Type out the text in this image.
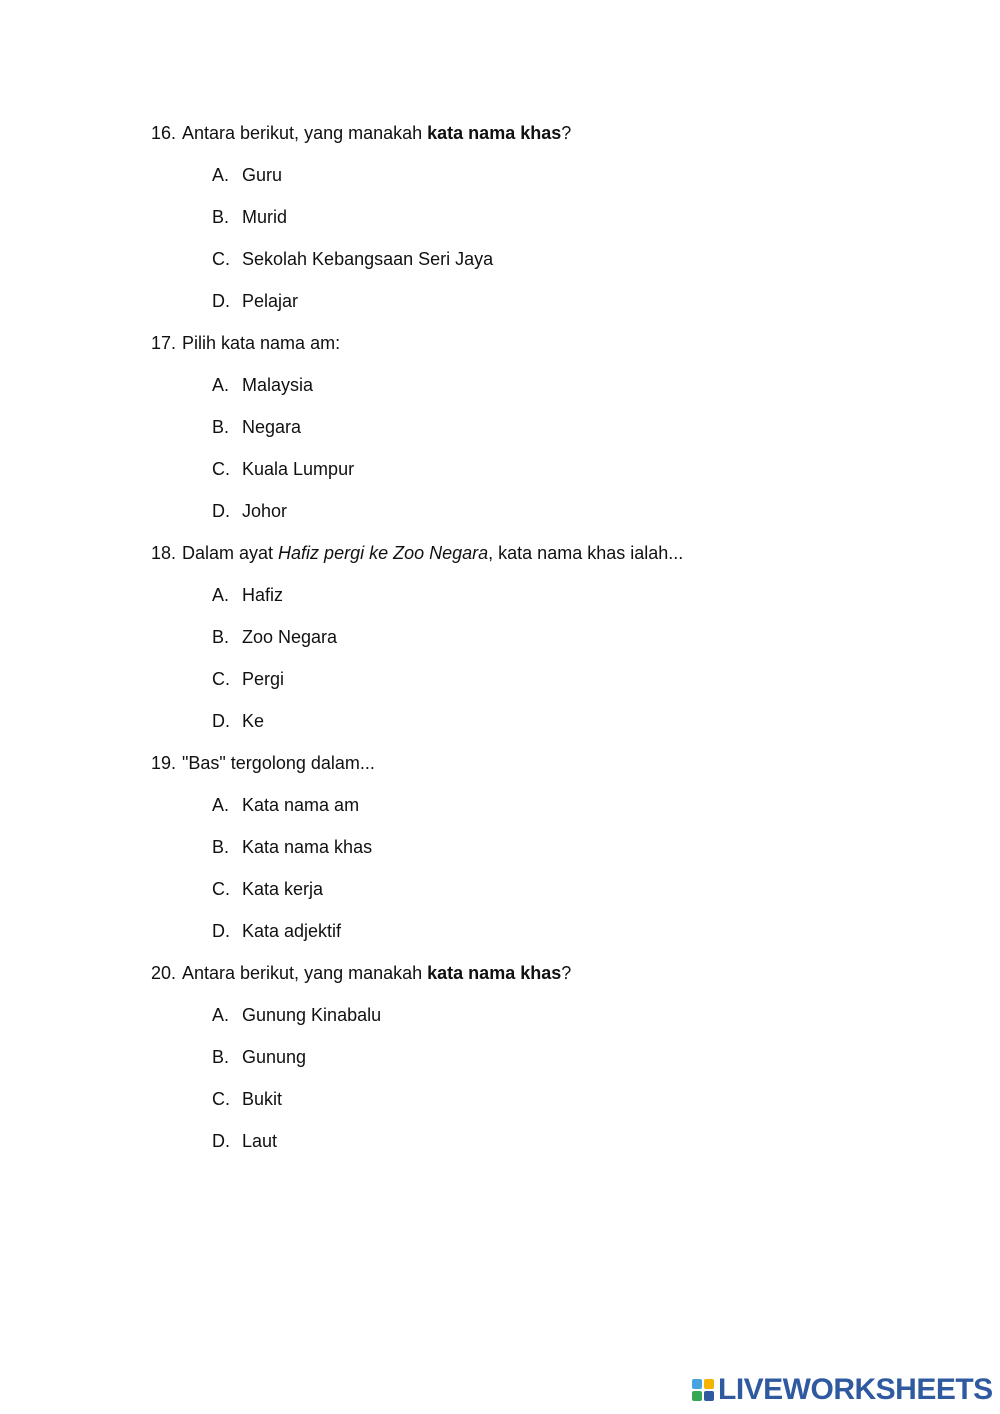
16. Antara berikut, yang manakah kata nama khas?
A. Guru
B. Murid
C. Sekolah Kebangsaan Seri Jaya
D. Pelajar
17. Pilih kata nama am:
A. Malaysia
B. Negara
C. Kuala Lumpur
D. Johor
18. Dalam ayat Hafiz pergi ke Zoo Negara, kata nama khas ialah...
A. Hafiz
B. Zoo Negara
C. Pergi
D. Ke
19. "Bas" tergolong dalam...
A. Kata nama am
B. Kata nama khas
C. Kata kerja
D. Kata adjektif
20. Antara berikut, yang manakah kata nama khas?
A. Gunung Kinabalu
B. Gunung
C. Bukit
D. Laut
LIVEWORKSHEETS
